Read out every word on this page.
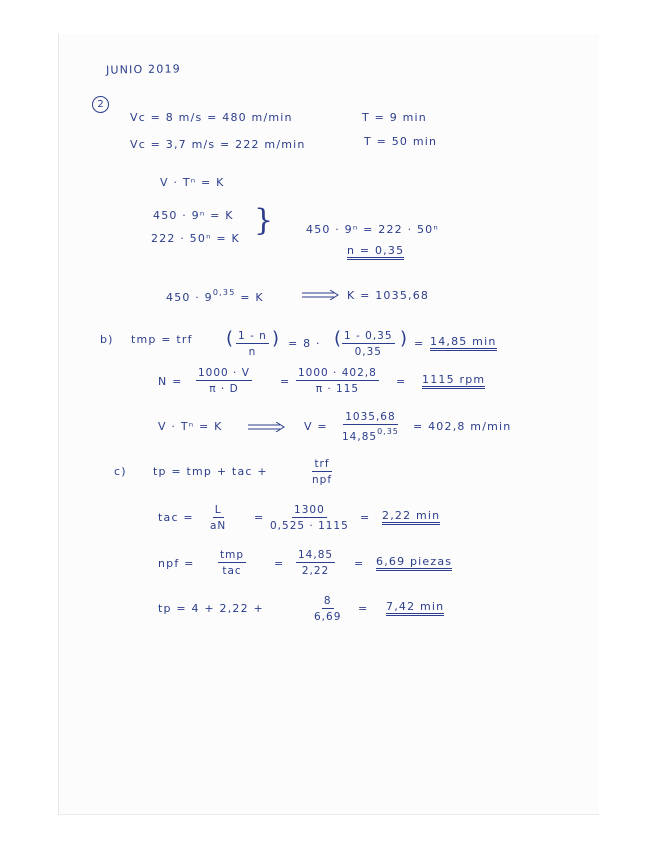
JUNIO 2019
2
Vc = 8 m/s = 480 m/min	T = 9 min
Vc = 3,7 m/s = 222 m/min	T = 50 min
V · Tⁿ = K
450 · 9ⁿ = K
222 · 50ⁿ = K
}	450 · 9ⁿ = 222 · 50ⁿ
n = 0,35
$450 \cdot 9^{0,35} = K$	K = 1035,68
b) tmp = trf ( $\frac{1 - n}{n}$ ) = 8 · ( $\frac{1 - 0,35}{0,35}$ ) = 14,85 min
$N = \frac{1000 \cdot V}{\pi \cdot D}$	= $\frac{1000 \cdot 402,8}{\pi \cdot 115} = 1115$ rpm
V · Tⁿ = K	$V = \frac{1035,68}{14,85^{0,35}} = 402,8$ m/min
c) tp = tmp + tac +
trf
npf
tac = $\frac{L}{aN} = \frac{1300}{0,525 \cdot 1115} = 2,22$ min
npf =
tmp
tac
= $\frac{14,85}{2,22} = 6,69$ piezas
tp = 4 + 2,22 +	$\frac{8}{6,69} = 7,42$ min
